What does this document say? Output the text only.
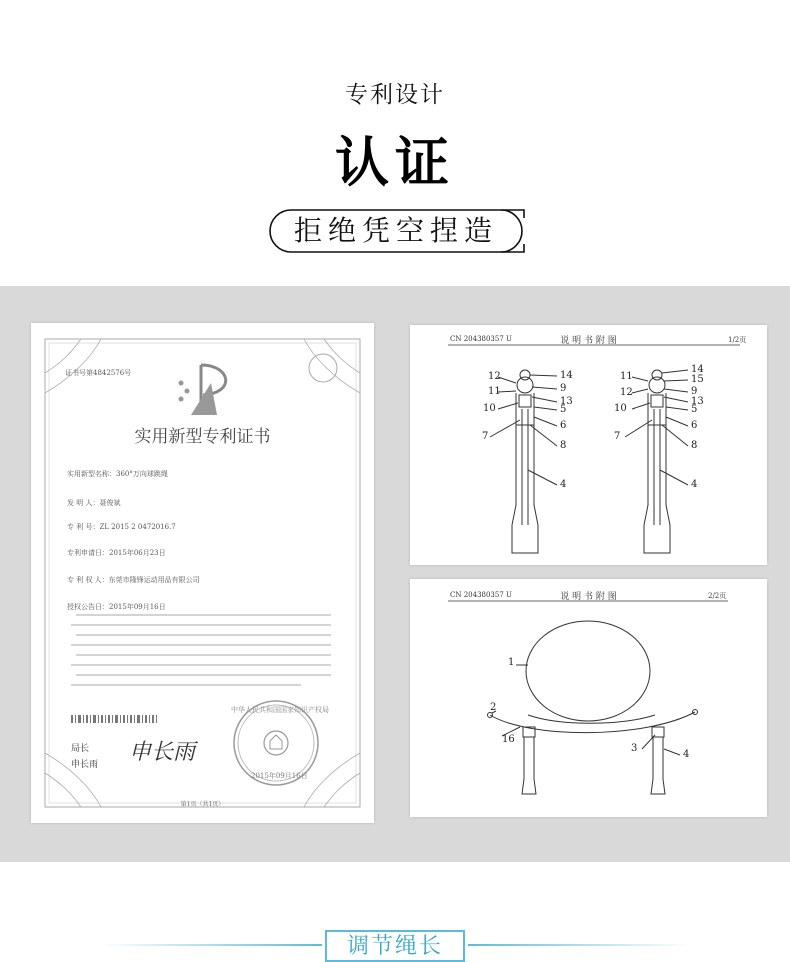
专利设计
认证
拒绝凭空捏造
证书号第4842576号
实用新型专利证书
实用新型名称：360°万向球跳绳
发 明 人：聂俊斌
专 利 号：ZL 2015 2 0472016.7
专利申请日：2015年06月23日
专 利 权 人：东莞市隆锋运动用品有限公司
授权公告日：2015年09月16日
局长
申长雨 申长雨
中华人民共和国国家知识产权局
2015年09月16日
第1页（共1页）
CN 204380357 U	说 明 书 附 图	1/2页
12
11
10
7
14
9
13
5
6
8
4
11
12
10
7
14
15
9
13
5
6
8
4
CN 204380357 U	说 明 书 附 图	2/2页
1
2
16
3
4
调节绳长
